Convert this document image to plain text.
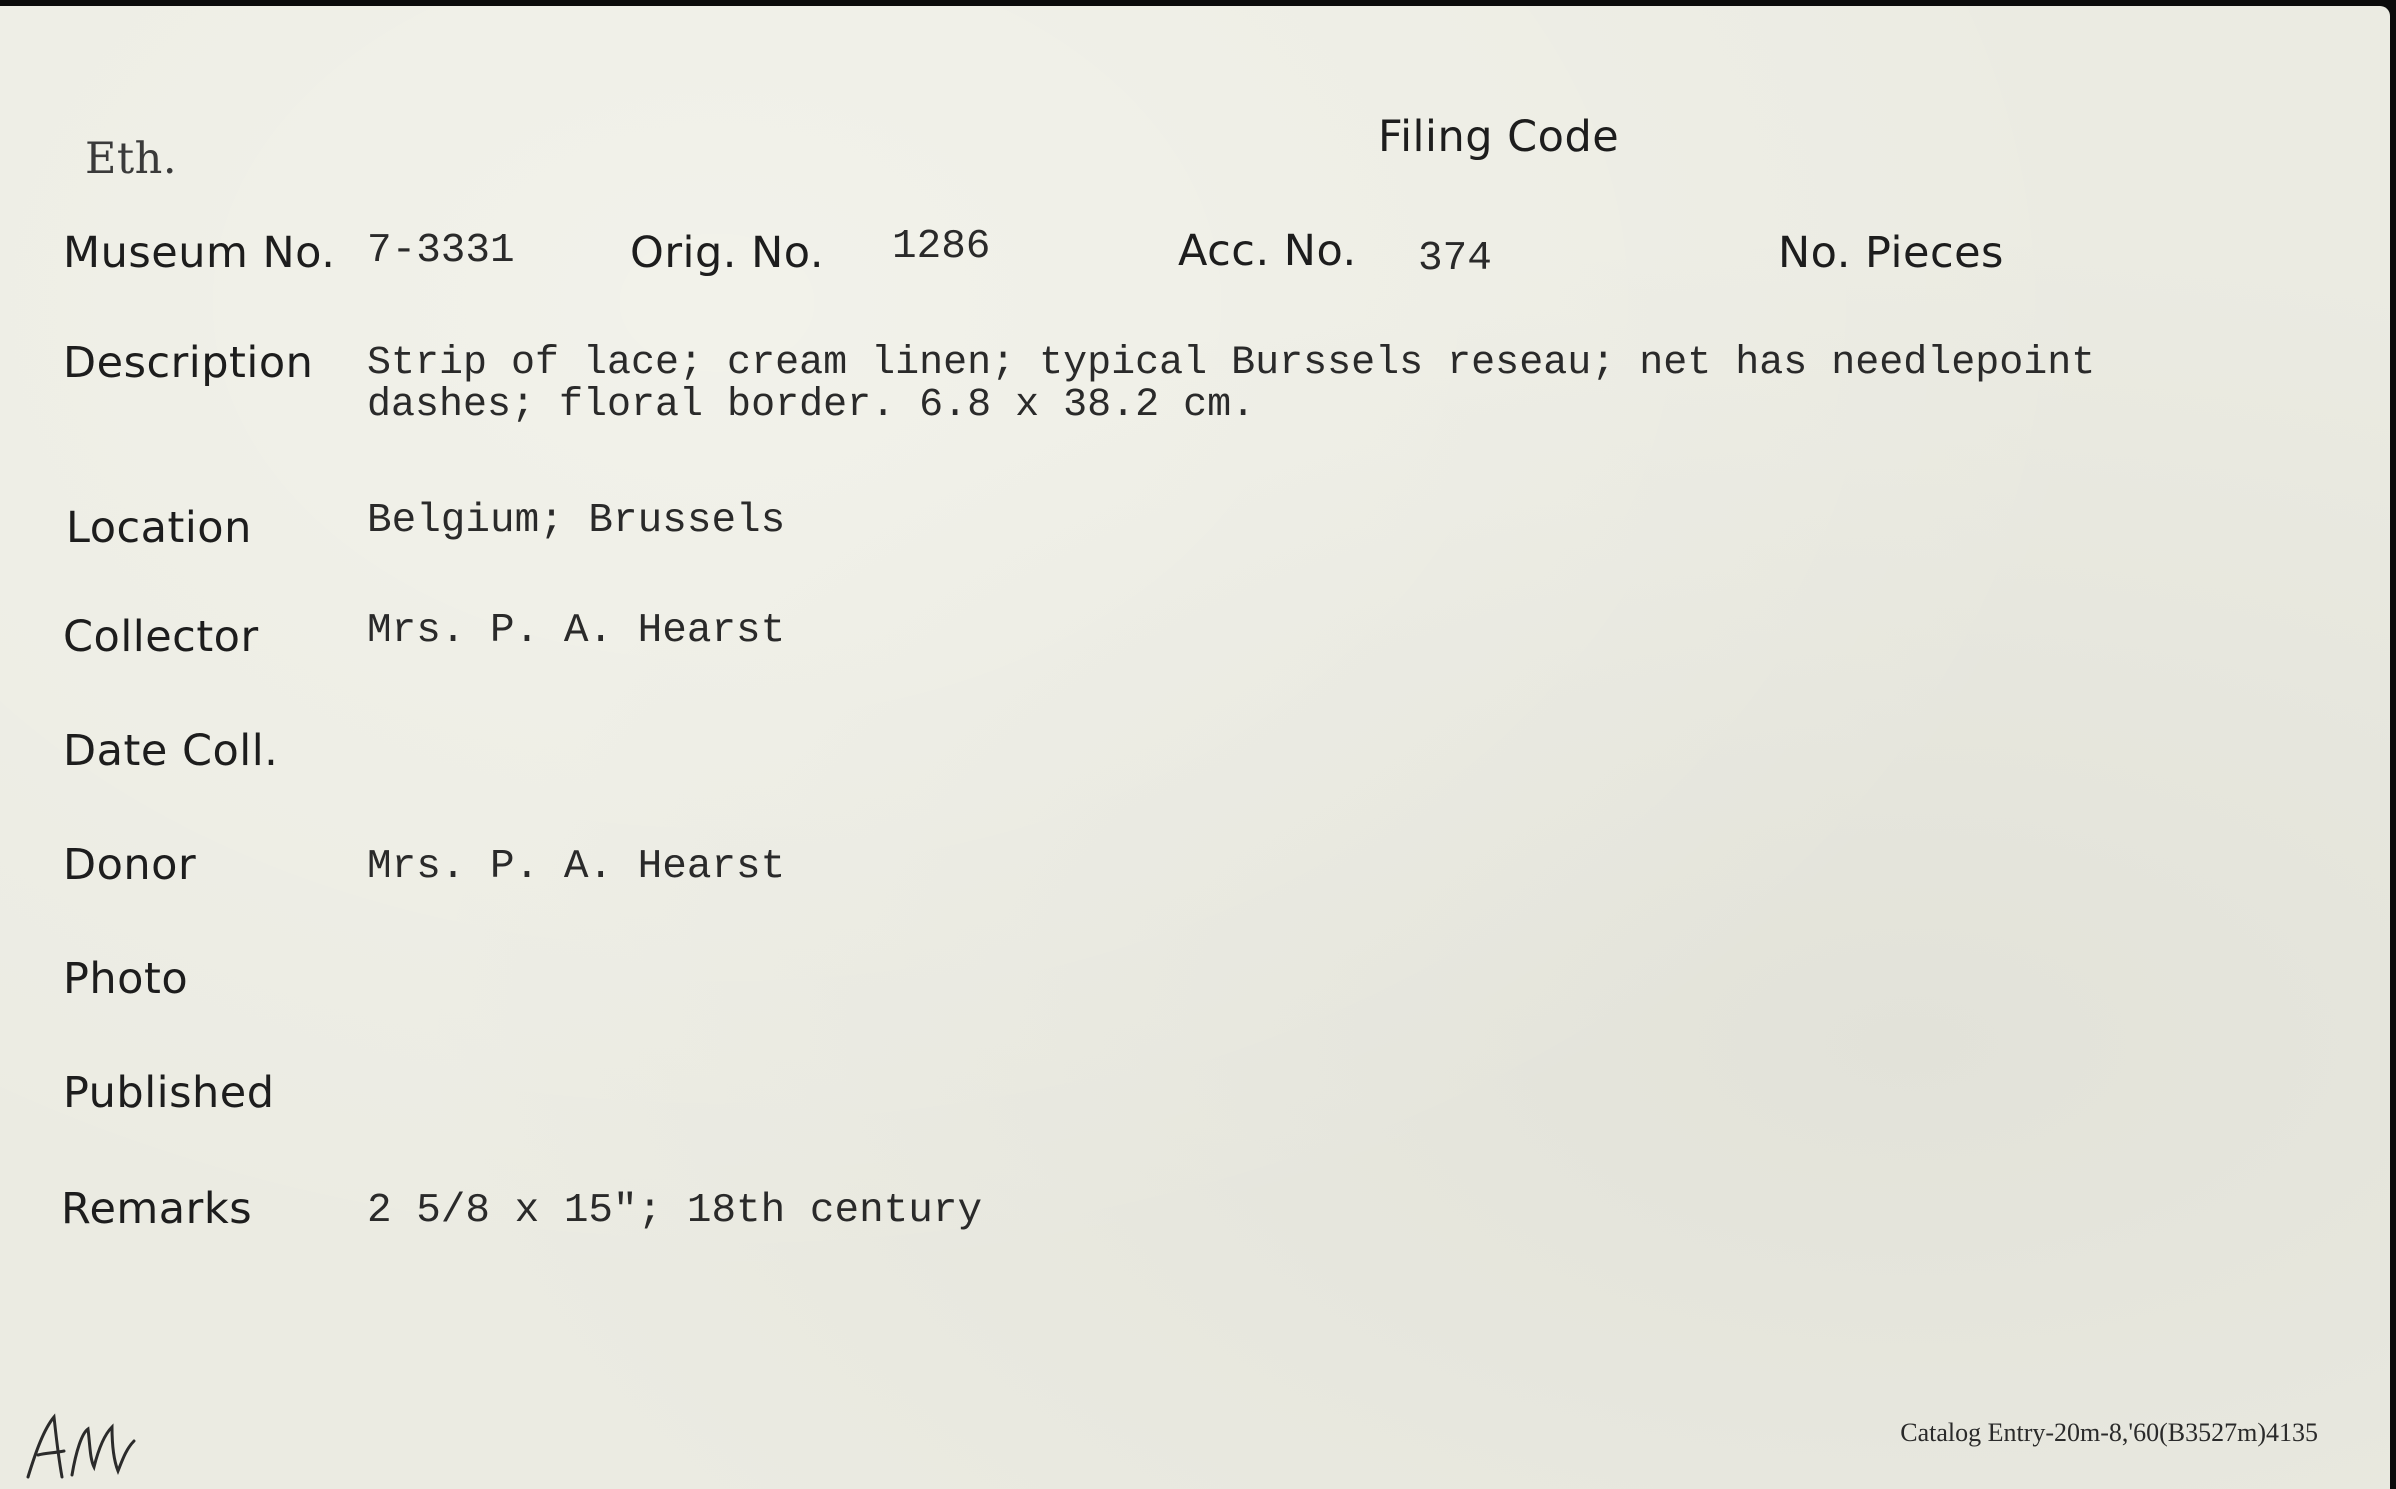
Eth.	Filing Code
Museum No. 7-3331	Orig. No. 1286	Acc. No. 374	No. Pieces
Description Strip of lace; cream linen; typical Burssels reseau; net has needlepoint
dashes; floral border. 6.8 x 38.2 cm.
Location	Belgium; Brussels
Collector	Mrs. P. A. Hearst
Date Coll.
Donor	Mrs. P. A. Hearst
Photo
Published
Remarks	2 5/8 x 15"; 18th century
Catalog Entry-20m-8,'60(B3527m)4135
